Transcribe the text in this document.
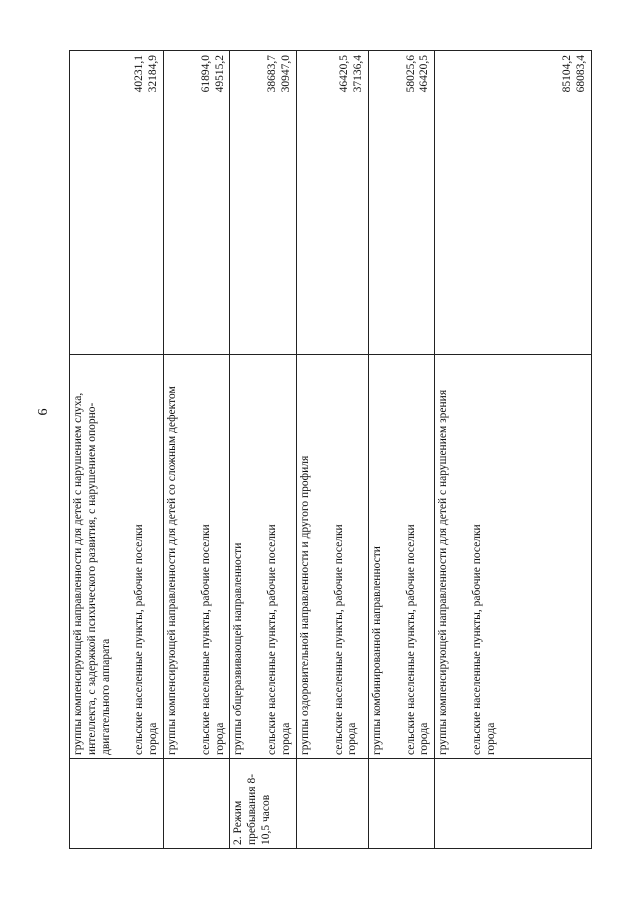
6
	группы компенсирующей направленности для детей с нарушением слуха, интеллекта, с задержкой психического развития, с нарушением опорно-двигательного аппарата сельские населенные пункты, рабочие поселки города	40231,1 32184,9

	группы компенсирующей направленности для детей со сложным дефектом сельские населенные пункты, рабочие поселки города	61894,0 49515,2

2. Режим пребывания 8-10,5 часов	группы общеразвивающей направленности сельские населенные пункты, рабочие поселки города	38683,7 30947,0

	группы оздоровительной направленности и другого профиля сельские населенные пункты, рабочие поселки города	46420,5 37136,4

	группы комбинированной направленности сельские населенные пункты, рабочие поселки города	58025,6 46420,5

	группы компенсирующей направленности для детей с нарушением зрения сельские населенные пункты, рабочие поселки города	85104,2 68083,4
